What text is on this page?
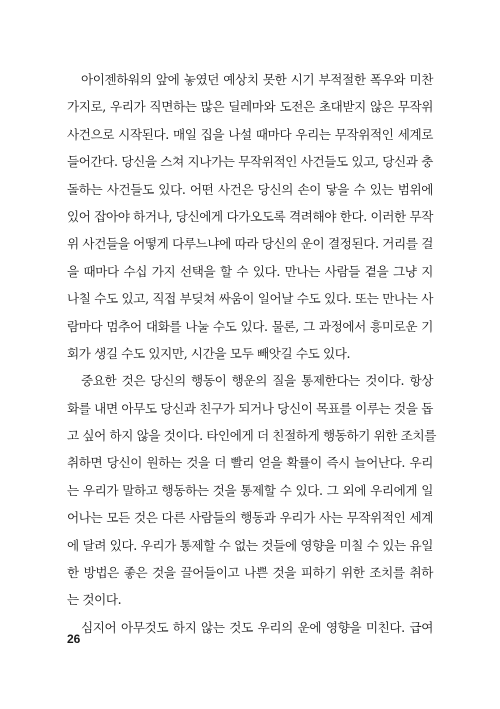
아이젠하워의 앞에 놓였던 예상치 못한 시기 부적절한 폭우와 미찬
가지로, 우리가 직면하는 많은 딜레마와 도전은 초대받지 않은 무작위
사건으로 시작된다. 매일 집을 나설 때마다 우리는 무작위적인 세계로
들어간다. 당신을 스쳐 지나가는 무작위적인 사건들도 있고, 당신과 충
돌하는 사건들도 있다. 어떤 사건은 당신의 손이 닿을 수 있는 범위에
있어 잡아야 하거나, 당신에게 다가오도록 격려해야 한다. 이러한 무작
위 사건들을 어떻게 다루느냐에 따라 당신의 운이 결정된다. 거리를 걸
을 때마다 수십 가지 선택을 할 수 있다. 만나는 사람들 곁을 그냥 지
나칠 수도 있고, 직접 부딪쳐 싸움이 일어날 수도 있다. 또는 만나는 사
람마다 멈추어 대화를 나눌 수도 있다. 물론, 그 과정에서 흥미로운 기
회가 생길 수도 있지만, 시간을 모두 빼앗길 수도 있다.
중요한 것은 당신의 행동이 행운의 질을 통제한다는 것이다. 항상
화를 내면 아무도 당신과 친구가 되거나 당신이 목표를 이루는 것을 돕
고 싶어 하지 않을 것이다. 타인에게 더 친절하게 행동하기 위한 조치를
취하면 당신이 원하는 것을 더 빨리 얻을 확률이 즉시 늘어난다. 우리
는 우리가 말하고 행동하는 것을 통제할 수 있다. 그 외에 우리에게 일
어나는 모든 것은 다른 사람들의 행동과 우리가 사는 무작위적인 세계
에 달려 있다. 우리가 통제할 수 없는 것들에 영향을 미칠 수 있는 유일
한 방법은 좋은 것을 끌어들이고 나쁜 것을 피하기 위한 조치를 취하
는 것이다.
심지어 아무것도 하지 않는 것도 우리의 운에 영향을 미친다. 급여
26
